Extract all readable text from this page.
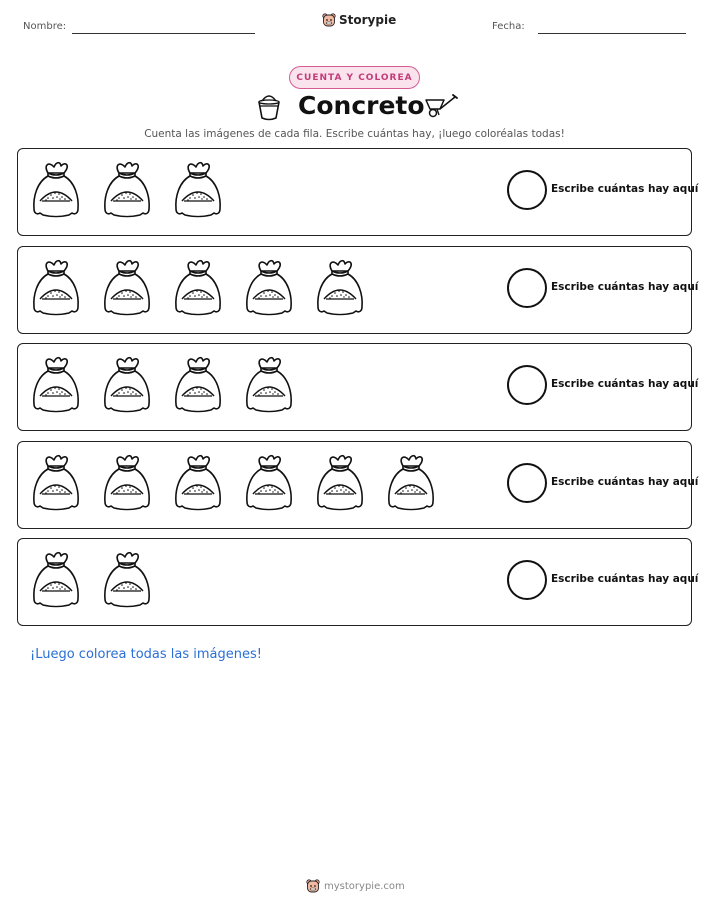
Nombre:	Storypie	Fecha:
CUENTA Y COLOREA
Concreto
Cuenta las imágenes de cada fila. Escribe cuántas hay, ¡luego coloréalas todas!
Escribe cuántas hay aquí
Escribe cuántas hay aquí
Escribe cuántas hay aquí
Escribe cuántas hay aquí
Escribe cuántas hay aquí
¡Luego colorea todas las imágenes!
mystorypie.com
